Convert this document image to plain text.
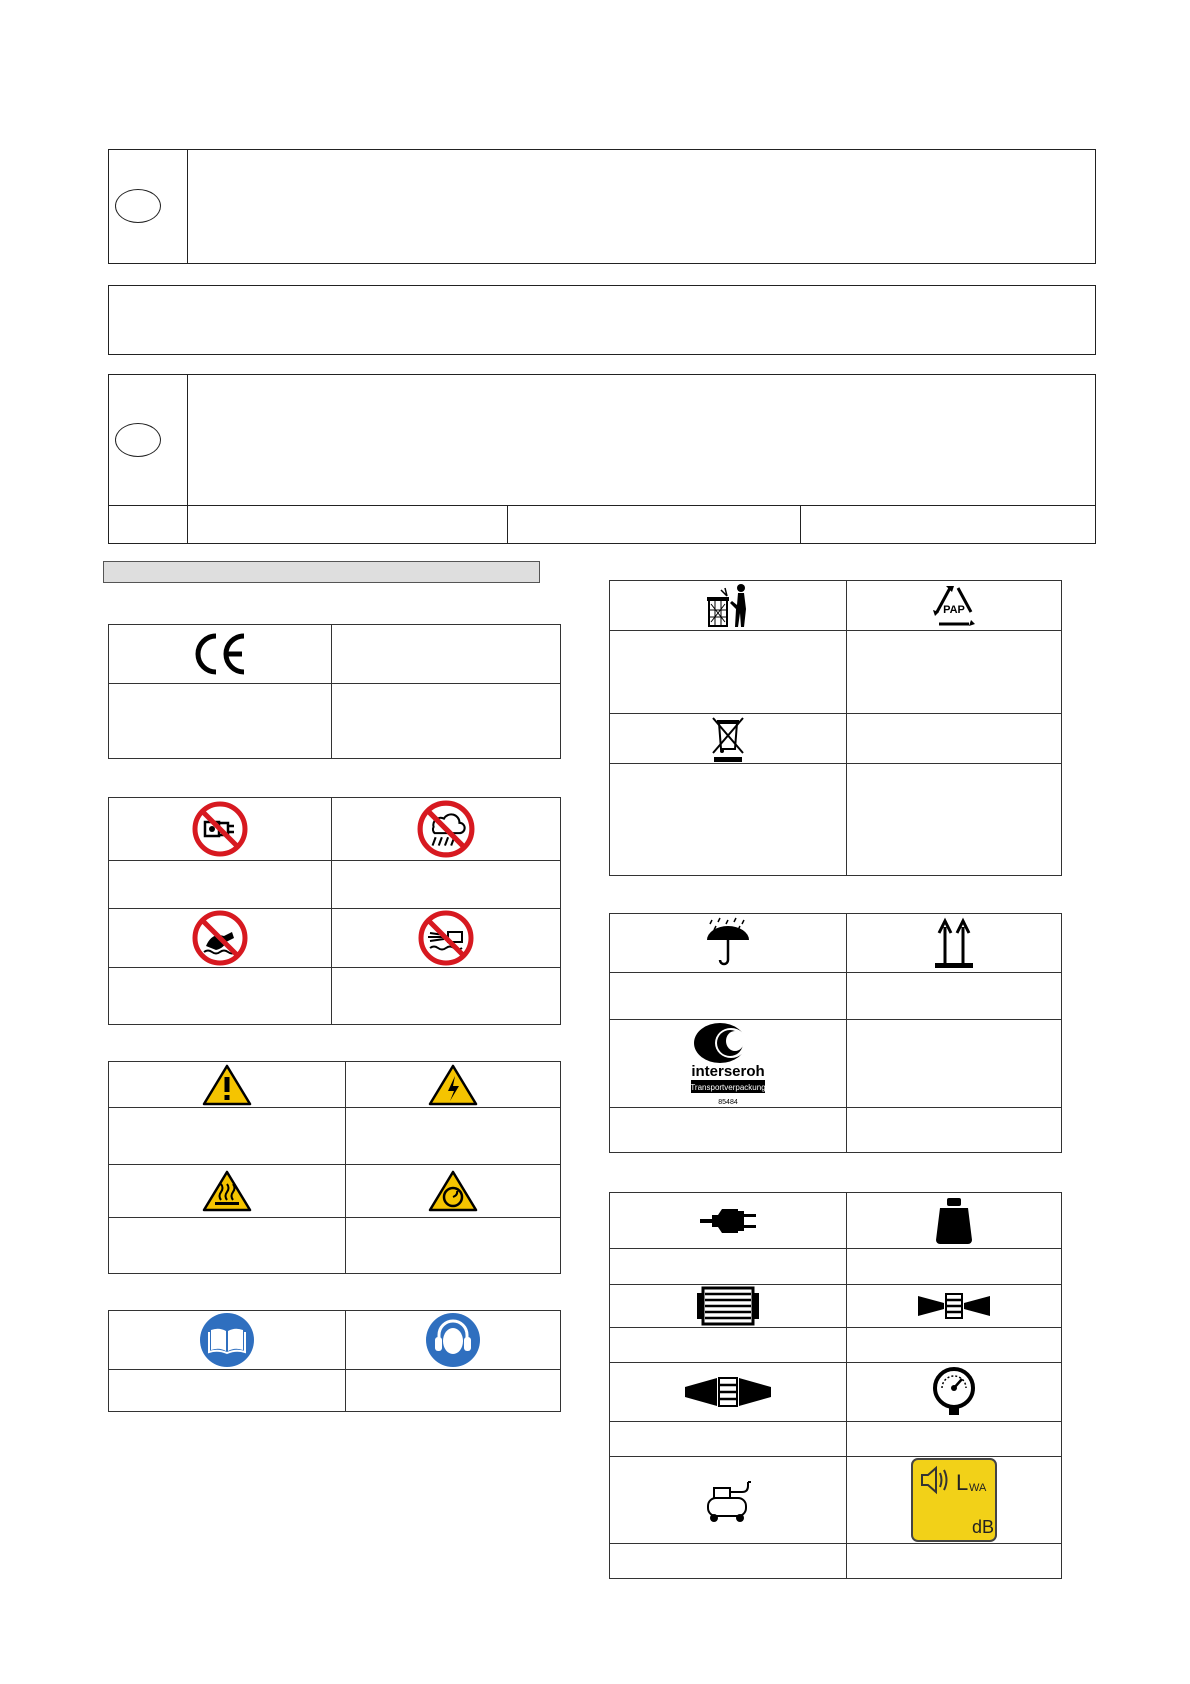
PAP

interseroh
Transportverpackung
85484	

L WA
dB
